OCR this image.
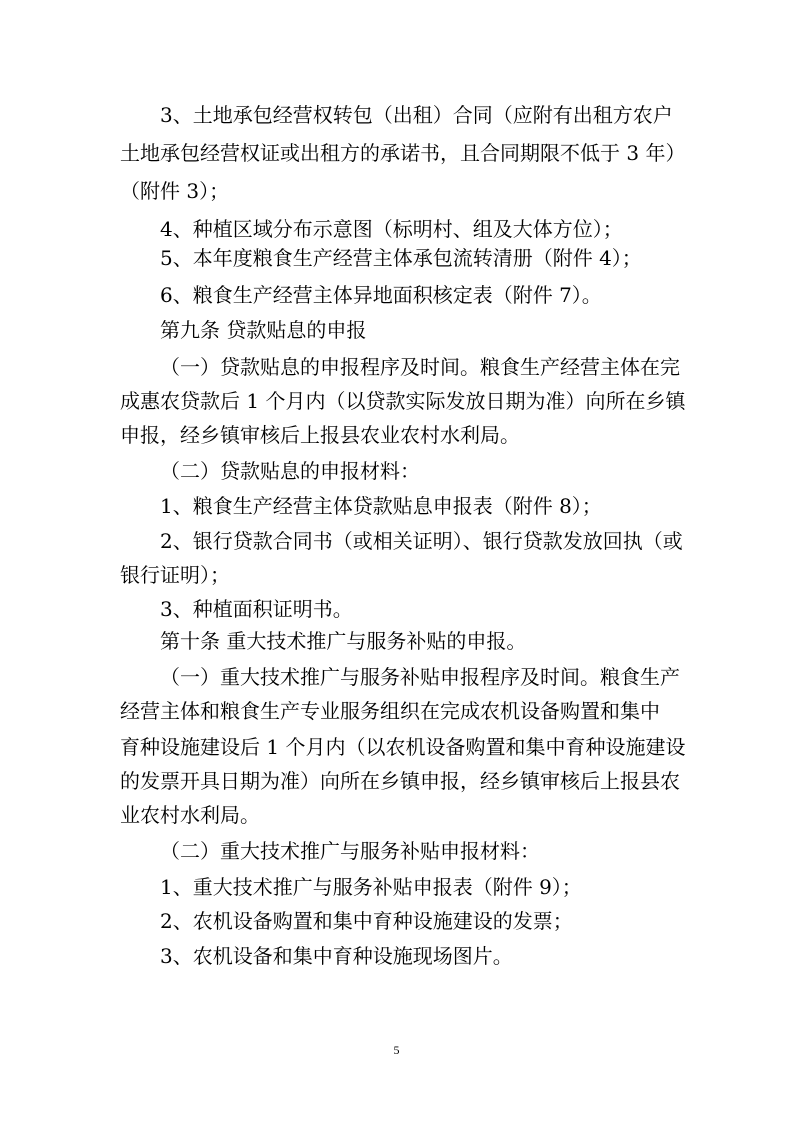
3、土地承包经营权转包（出租）合同（应附有出租方农户
土地承包经营权证或出租方的承诺书，且合同期限不低于 3 年）
（附件 3）；
4、种植区域分布示意图（标明村、组及大体方位）；
5、本年度粮食生产经营主体承包流转清册（附件 4）；
6、粮食生产经营主体异地面积核定表（附件 7）。
第九条 贷款贴息的申报
（一）贷款贴息的申报程序及时间。粮食生产经营主体在完
成惠农贷款后 1 个月内（以贷款实际发放日期为准）向所在乡镇
申报，经乡镇审核后上报县农业农村水利局。
（二）贷款贴息的申报材料：
1、粮食生产经营主体贷款贴息申报表（附件 8）；
2、银行贷款合同书（或相关证明）、银行贷款发放回执（或
银行证明）；
3、种植面积证明书。
第十条 重大技术推广与服务补贴的申报。
（一）重大技术推广与服务补贴申报程序及时间。粮食生产
经营主体和粮食生产专业服务组织在完成农机设备购置和集中
育种设施建设后 1 个月内（以农机设备购置和集中育种设施建设
的发票开具日期为准）向所在乡镇申报，经乡镇审核后上报县农
业农村水利局。
（二）重大技术推广与服务补贴申报材料：
1、重大技术推广与服务补贴申报表（附件 9）；
2、农机设备购置和集中育种设施建设的发票；
3、农机设备和集中育种设施现场图片。
5
